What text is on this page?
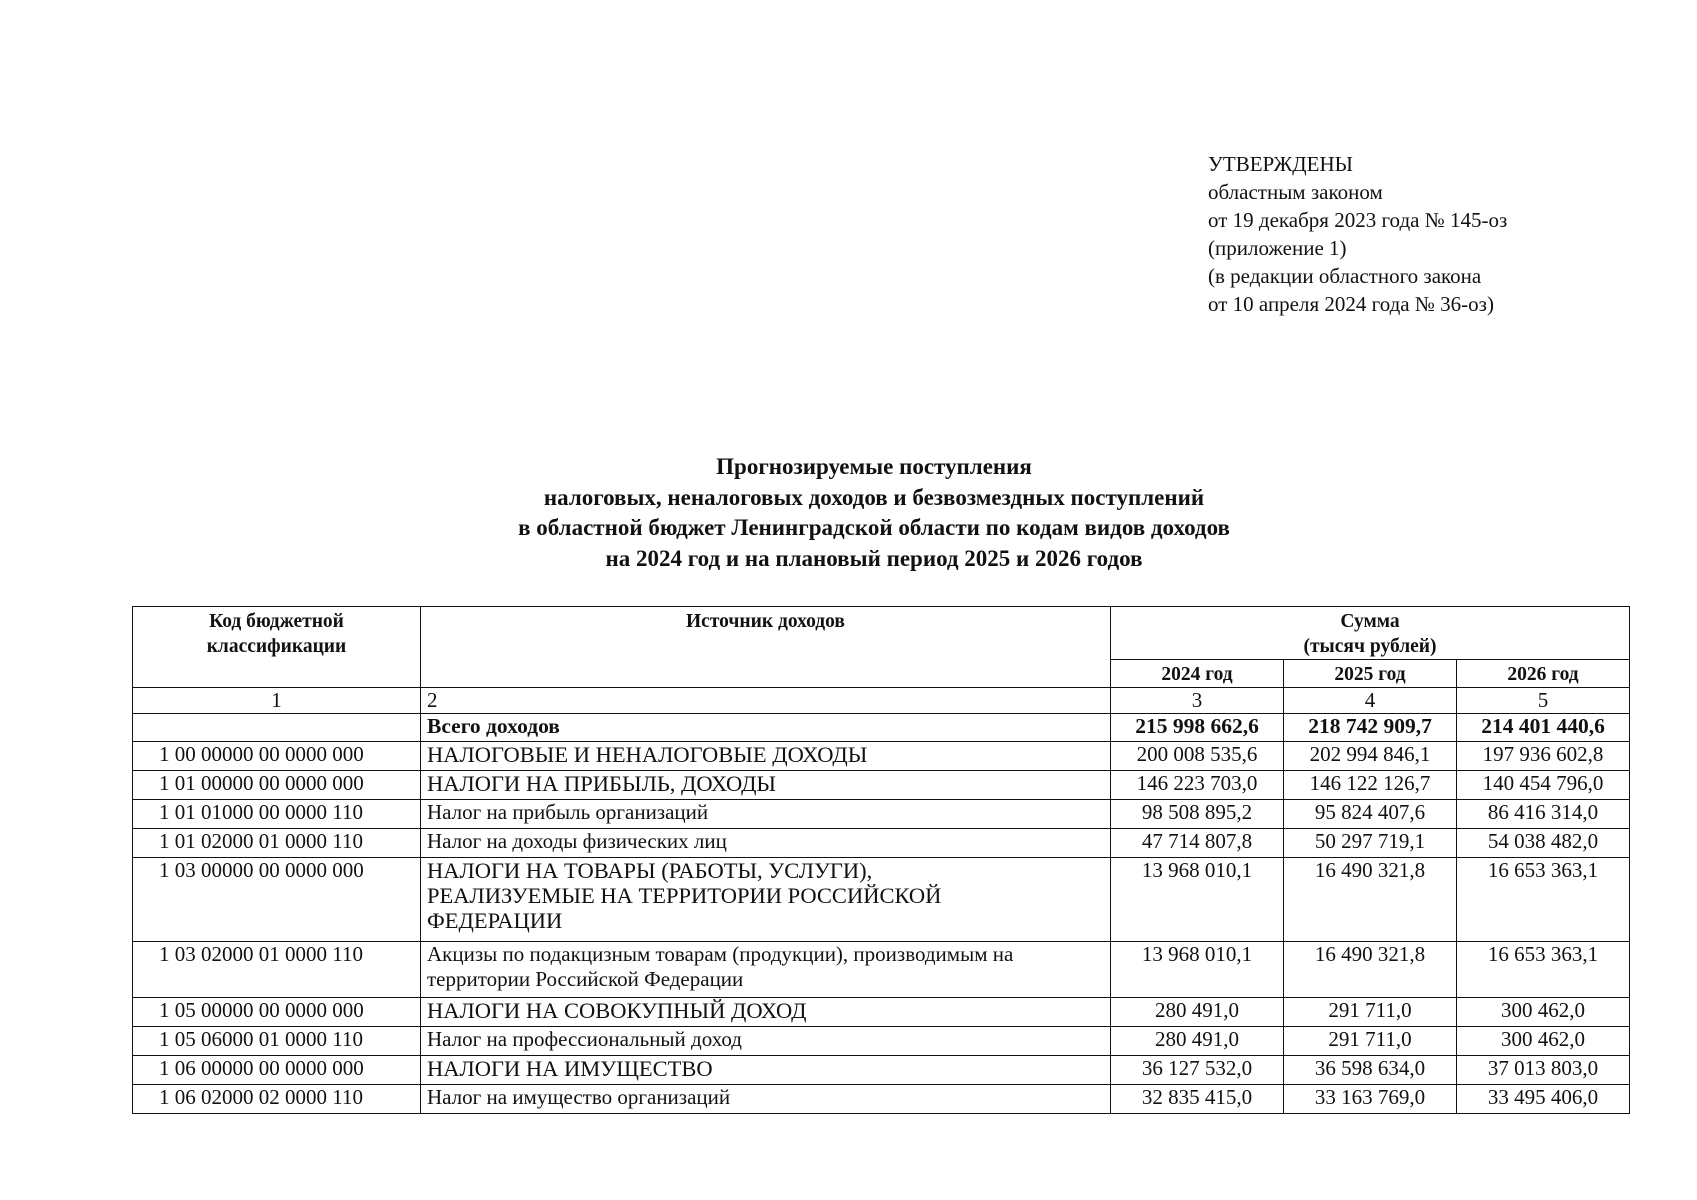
УТВЕРЖДЕНЫ
областным законом
от 19 декабря 2023 года № 145-оз
(приложение 1)
(в редакции областного закона
от 10 апреля 2024 года № 36-оз)
Прогнозируемые поступления
налоговых, неналоговых доходов и безвозмездных поступлений
в областной бюджет Ленинградской области по кодам видов доходов
на 2024 год и на плановый период 2025 и 2026 годов
Код бюджетной классификации	Источник доходов	Сумма
(тысяч рублей)		

		2024 год	2025 год	2026 год
1	2	3	4	5
	Всего доходов	215 998 662,6	218 742 909,7	214 401 440,6
1 00 00000 00 0000 000	НАЛОГОВЫЕ И НЕНАЛОГОВЫЕ ДОХОДЫ	200 008 535,6	202 994 846,1	197 936 602,8
1 01 00000 00 0000 000	НАЛОГИ НА ПРИБЫЛЬ, ДОХОДЫ	146 223 703,0	146 122 126,7	140 454 796,0
1 01 01000 00 0000 110	Налог на прибыль организаций	98 508 895,2	95 824 407,6	86 416 314,0
1 01 02000 01 0000 110	Налог на доходы физических лиц	47 714 807,8	50 297 719,1	54 038 482,0
1 03 00000 00 0000 000	НАЛОГИ НА ТОВАРЫ (РАБОТЫ, УСЛУГИ), РЕАЛИЗУЕМЫЕ НА ТЕРРИТОРИИ РОССИЙСКОЙ ФЕДЕРАЦИИ	13 968 010,1	16 490 321,8	16 653 363,1
1 03 02000 01 0000 110	Акцизы по подакцизным товарам (продукции), производимым на территории Российской Федерации	13 968 010,1	16 490 321,8	16 653 363,1
1 05 00000 00 0000 000	НАЛОГИ НА СОВОКУПНЫЙ ДОХОД	280 491,0	291 711,0	300 462,0
1 05 06000 01 0000 110	Налог на профессиональный доход	280 491,0	291 711,0	300 462,0
1 06 00000 00 0000 000	НАЛОГИ НА ИМУЩЕСТВО	36 127 532,0	36 598 634,0	37 013 803,0
1 06 02000 02 0000 110	Налог на имущество организаций	32 835 415,0	33 163 769,0	33 495 406,0
